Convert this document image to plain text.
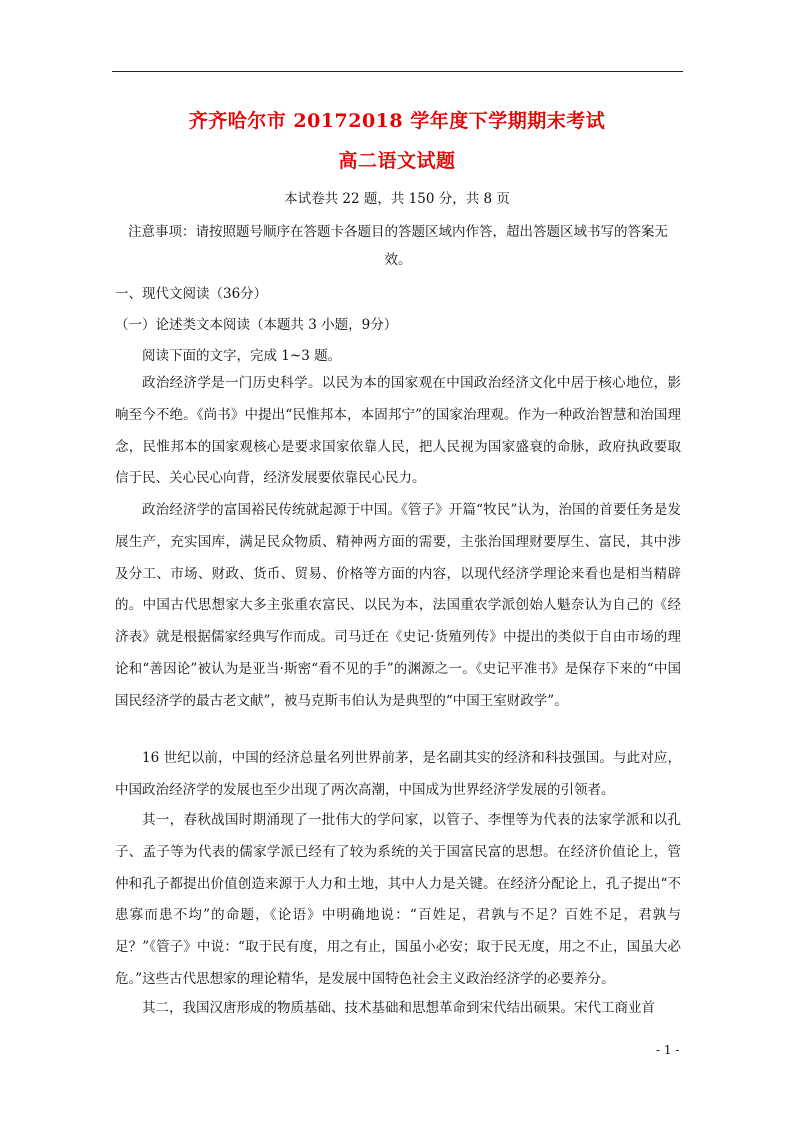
齐齐哈尔市 20172018 学年度下学期期末考试
高二语文试题
本试卷共 22 题，共 150 分，共 8 页
注意事项：请按照题号顺序在答题卡各题目的答题区域内作答，超出答题区域书写的答案无效。
一、现代文阅读（36分）
（一）论述类文本阅读（本题共 3 小题，9分）
阅读下面的文字，完成 1~3 题。

政治经济学是一门历史科学。以民为本的国家观在中国政治经济文化中居于核心地位，影响至今不绝。《尚书》中提出“民惟邦本，本固邦宁”的国家治理观。作为一种政治智慧和治国理念，民惟邦本的国家观核心是要求国家依靠人民，把人民视为国家盛衰的命脉，政府执政要取信于民、关心民心向背，经济发展要依靠民心民力。

政治经济学的富国裕民传统就起源于中国。《管子》开篇“牧民”认为，治国的首要任务是发展生产，充实国库，满足民众物质、精神两方面的需要，主张治国理财要厚生、富民，其中涉及分工、市场、财政、货币、贸易、价格等方面的内容，以现代经济学理论来看也是相当精辟的。中国古代思想家大多主张重农富民、以民为本，法国重农学派创始人魁奈认为自己的《经济表》就是根据儒家经典写作而成。司马迁在《史记·货殖列传》中提出的类似于自由市场的理论和“善因论”被认为是亚当·斯密“看不见的手”的渊源之一。《史记平准书》是保存下来的“中国国民经济学的最古老文献”，被马克斯韦伯认为是典型的“中国王室财政学”。

16 世纪以前，中国的经济总量名列世界前茅，是名副其实的经济和科技强国。与此对应，中国政治经济学的发展也至少出现了两次高潮，中国成为世界经济学发展的引领者。

其一，春秋战国时期涌现了一批伟大的学问家，以管子、李悝等为代表的法家学派和以孔子、孟子等为代表的儒家学派已经有了较为系统的关于国富民富的思想。在经济价值论上，管仲和孔子都提出价值创造来源于人力和土地，其中人力是关键。在经济分配论上，孔子提出“不患寡而患不均”的命题，《论语》中明确地说：“百姓足，君孰与不足？百姓不足，君孰与足？”《管子》中说：“取于民有度，用之有止，国虽小必安；取于民无度，用之不止，国虽大必危。”这些古代思想家的理论精华，是发展中国特色社会主义政治经济学的必要养分。

其二，我国汉唐形成的物质基础、技术基础和思想革命到宋代结出硕果。宋代工商业首

- 1 -
